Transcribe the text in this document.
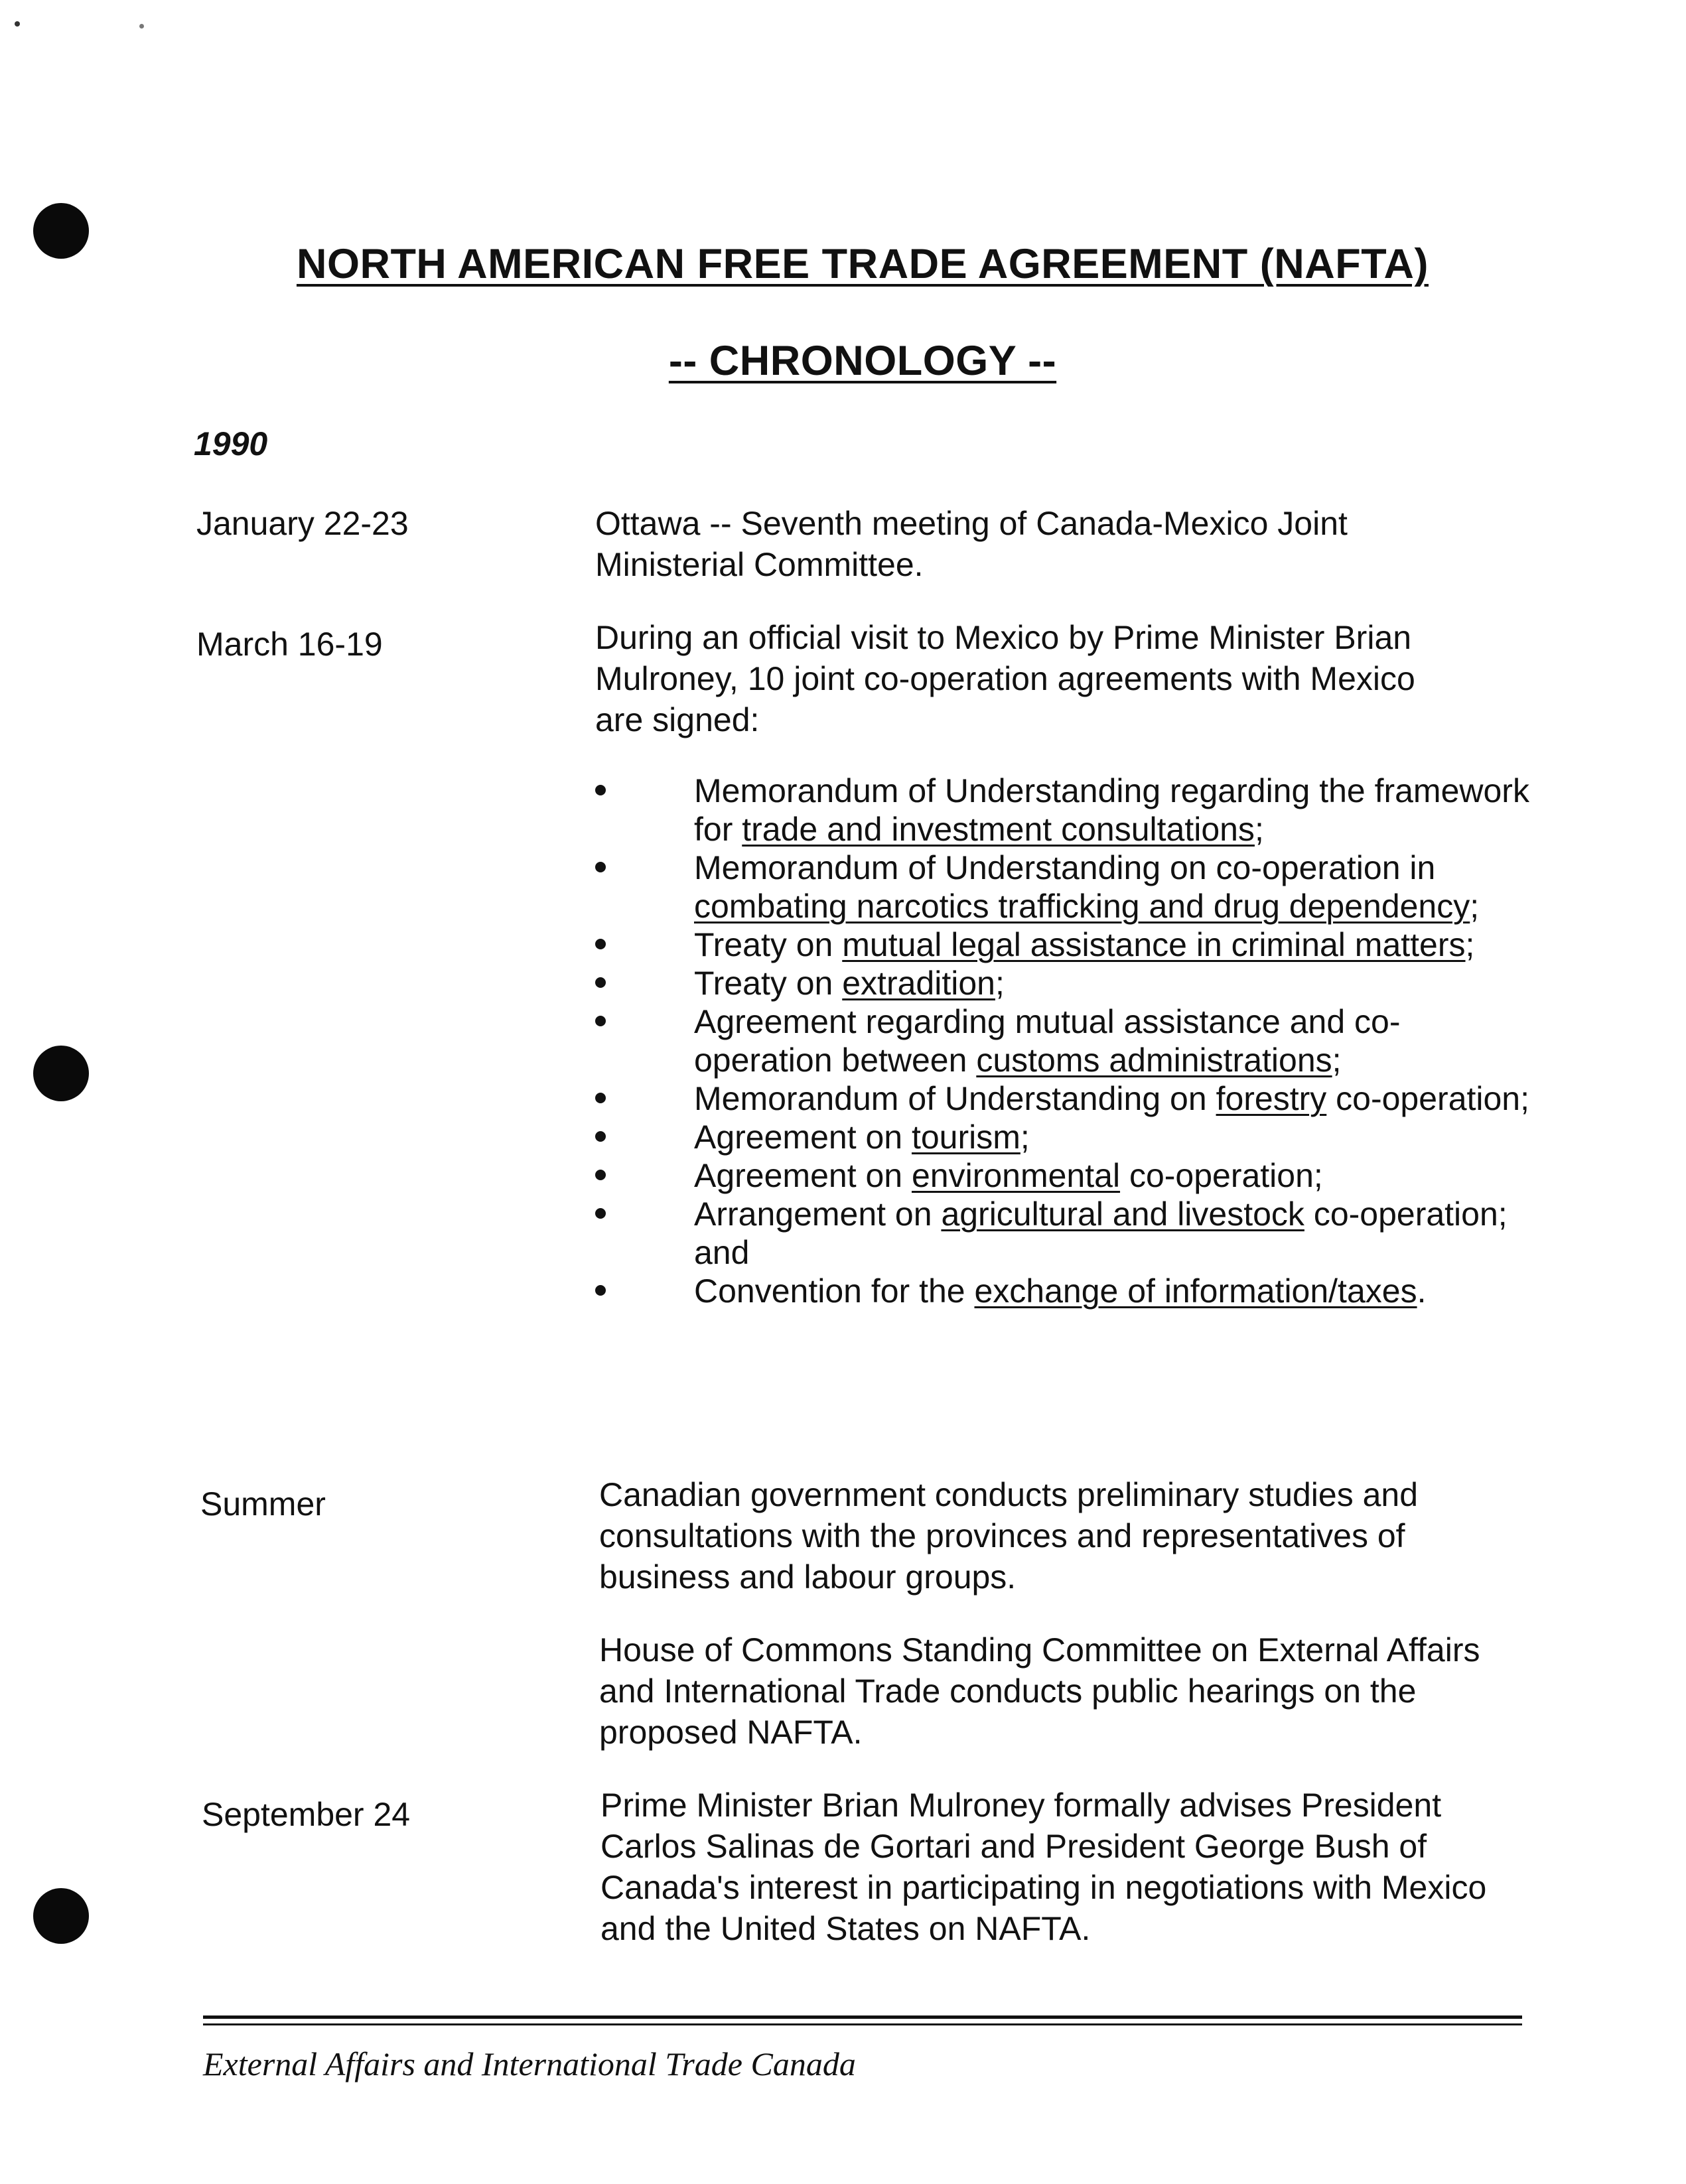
NORTH AMERICAN FREE TRADE AGREEMENT (NAFTA)
-- CHRONOLOGY --
1990
January 22-23	Ottawa -- Seventh meeting of Canada-Mexico Joint Ministerial Committee.

March 16-19	During an official visit to Mexico by Prime Minister Brian Mulroney, 10 joint co-operation agreements with Mexico are signed:

Memorandum of Understanding regarding the framework for trade and investment consultations;
Memorandum of Understanding on co-operation in combating narcotics trafficking and drug dependency;
Treaty on mutual legal assistance in criminal matters;
Treaty on extradition;
Agreement regarding mutual assistance and co-operation between customs administrations;
Memorandum of Understanding on forestry co-operation;
Agreement on tourism;
Agreement on environmental co-operation;
Arrangement on agricultural and livestock co-operation; and
Convention for the exchange of information/taxes.
Summer	Canadian government conducts preliminary studies and consultations with the provinces and representatives of business and labour groups.

House of Commons Standing Committee on External Affairs and International Trade conducts public hearings on the proposed NAFTA.

September 24	Prime Minister Brian Mulroney formally advises President Carlos Salinas de Gortari and President George Bush of Canada's interest in participating in negotiations with Mexico and the United States on NAFTA.

External Affairs and International Trade Canada
